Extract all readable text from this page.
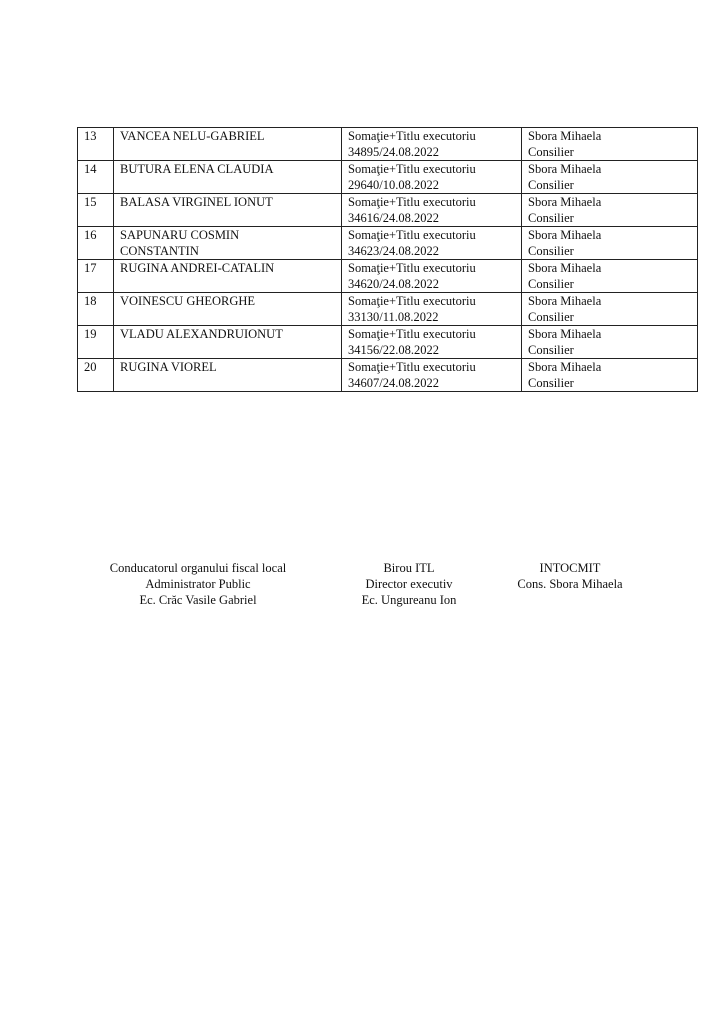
13	VANCEA NELU-GABRIEL	Somaţie+Titlu executoriu
34895/24.08.2022	Sbora Mihaela
Consilier

14	BUTURA ELENA CLAUDIA	Somaţie+Titlu executoriu
29640/10.08.2022	Sbora Mihaela
Consilier

15	BALASA VIRGINEL IONUT	Somaţie+Titlu executoriu
34616/24.08.2022	Sbora Mihaela
Consilier

16	SAPUNARU COSMIN
CONSTANTIN	Somaţie+Titlu executoriu
34623/24.08.2022	Sbora Mihaela
Consilier

17	RUGINA ANDREI-CATALIN	Somaţie+Titlu executoriu
34620/24.08.2022	Sbora Mihaela
Consilier

18	VOINESCU GHEORGHE	Somaţie+Titlu executoriu
33130/11.08.2022	Sbora Mihaela
Consilier

19	VLADU ALEXANDRUIONUT	Somaţie+Titlu executoriu
34156/22.08.2022	Sbora Mihaela
Consilier

20	RUGINA VIOREL	Somaţie+Titlu executoriu
34607/24.08.2022	Sbora Mihaela
Consilier
Conducatorul organului fiscal local
Administrator Public
Ec. Crăc Vasile Gabriel
Birou ITL
Director executiv
Ec. Ungureanu Ion
INTOCMIT
Cons. Sbora Mihaela
